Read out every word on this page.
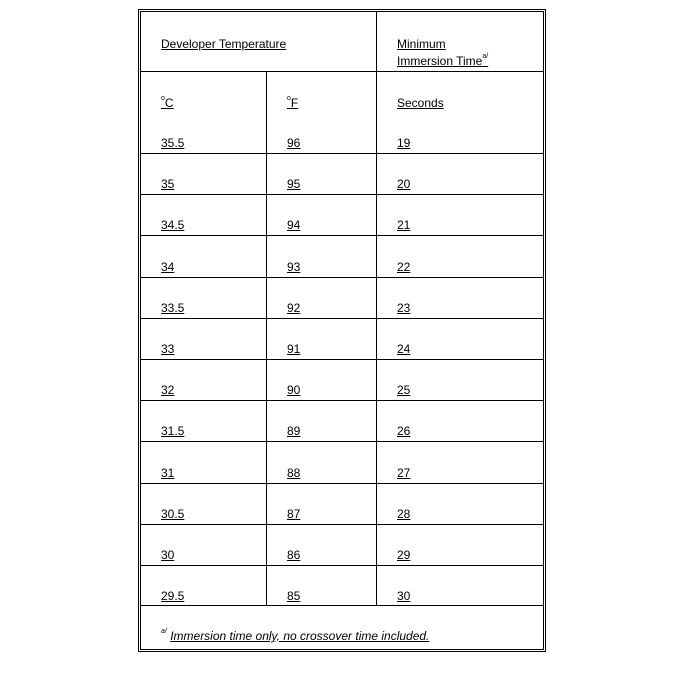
Developer Temperature	Minimum
Immersion Time$^{a/}$
$^o$C	$^o$F	Seconds
35.5	96	19
35	95	20
34.5	94	21
34	93	22
33.5	92	23
33	91	24
32	90	25
31.5	89	26
31	88	27
30.5	87	28
30	86	29
29.5	85	30
$^{a/}$ Immersion time only, no crossover time included.
